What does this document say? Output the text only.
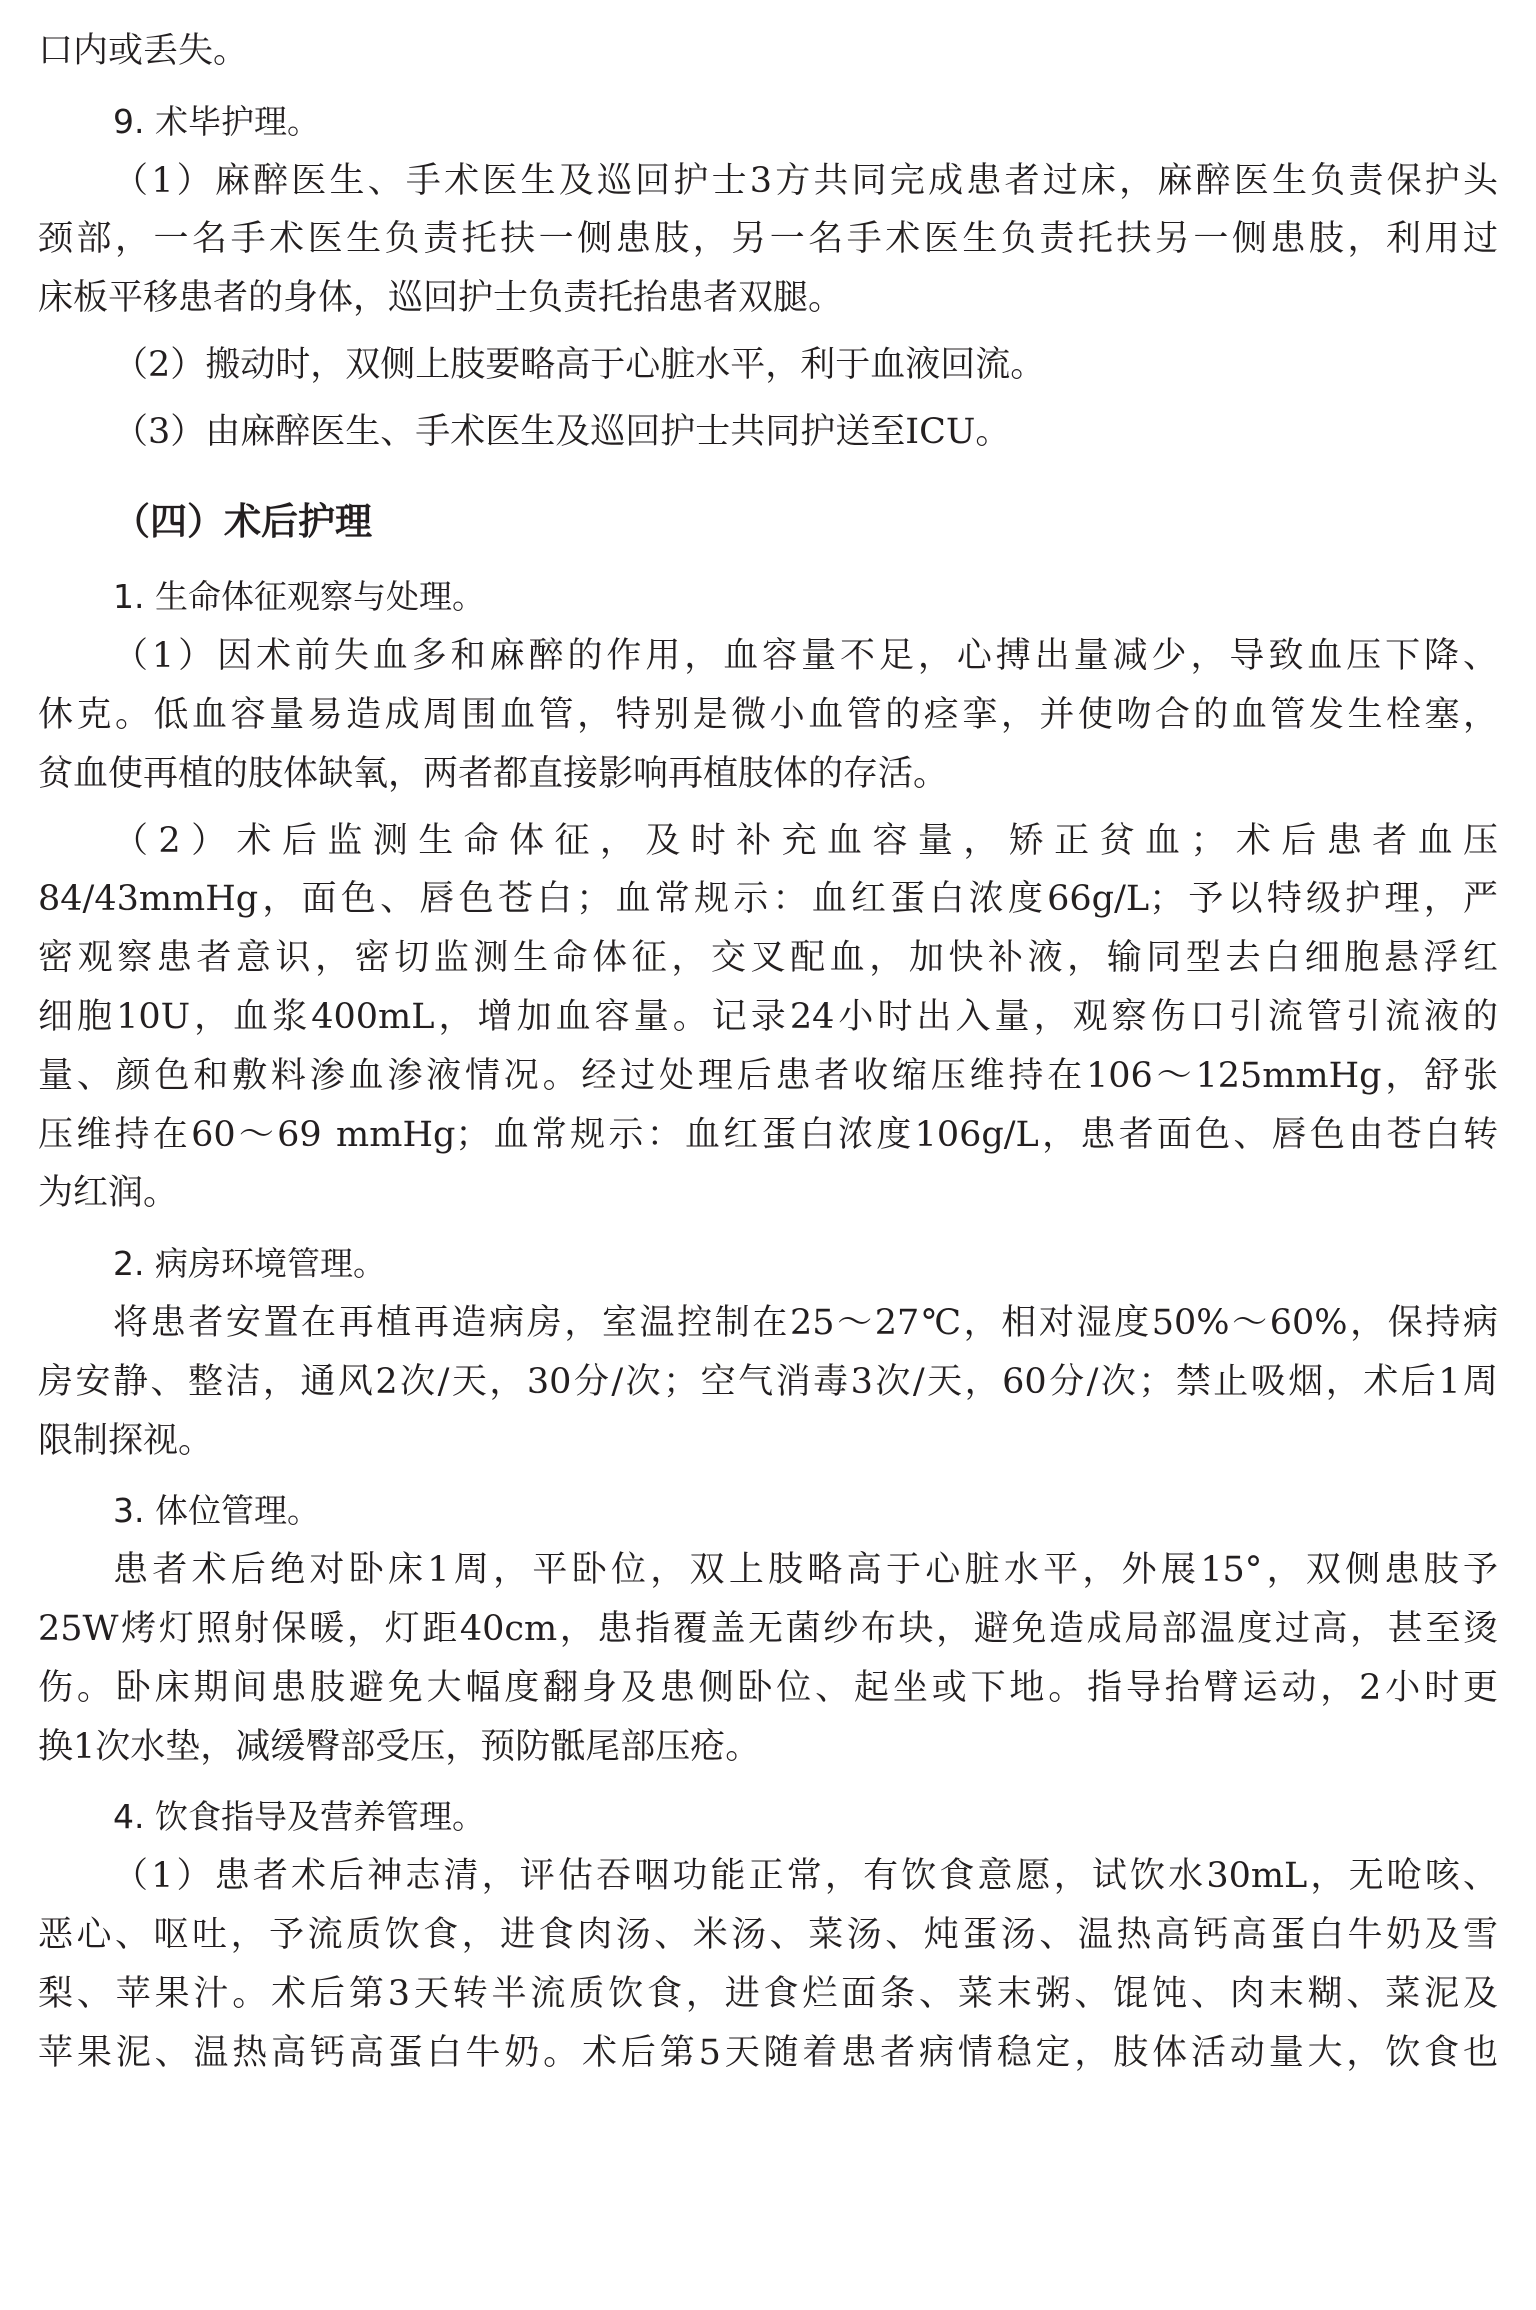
口内或丢失。

9. 术毕护理。

（1）麻醉医生、手术医生及巡回护士3方共同完成患者过床，麻醉医生负责保护头

颈部，一名手术医生负责托扶一侧患肢，另一名手术医生负责托扶另一侧患肢，利用过

床板平移患者的身体，巡回护士负责托抬患者双腿。

（2）搬动时，双侧上肢要略高于心脏水平，利于血液回流。

（3）由麻醉医生、手术医生及巡回护士共同护送至ICU。

（四）术后护理

1. 生命体征观察与处理。

（1）因术前失血多和麻醉的作用，血容量不足，心搏出量减少，导致血压下降、

休克。低血容量易造成周围血管，特别是微小血管的痉挛，并使吻合的血管发生栓塞，

贫血使再植的肢体缺氧，两者都直接影响再植肢体的存活。

（2）术后监测生命体征，及时补充血容量，矫正贫血；术后患者血压

84/43mmHg，面色、唇色苍白；血常规示：血红蛋白浓度66g/L；予以特级护理，严

密观察患者意识，密切监测生命体征，交叉配血，加快补液，输同型去白细胞悬浮红

细胞10U，血浆400mL，增加血容量。记录24小时出入量，观察伤口引流管引流液的

量、颜色和敷料渗血渗液情况。经过处理后患者收缩压维持在106～125mmHg，舒张

压维持在60～69 mmHg；血常规示：血红蛋白浓度106g/L，患者面色、唇色由苍白转

为红润。

2. 病房环境管理。

将患者安置在再植再造病房，室温控制在25～27℃，相对湿度50%～60%，保持病

房安静、整洁，通风2次/天，30分/次；空气消毒3次/天，60分/次；禁止吸烟，术后1周

限制探视。

3. 体位管理。

患者术后绝对卧床1周，平卧位，双上肢略高于心脏水平，外展15°，双侧患肢予

25W烤灯照射保暖，灯距40cm，患指覆盖无菌纱布块，避免造成局部温度过高，甚至烫

伤。卧床期间患肢避免大幅度翻身及患侧卧位、起坐或下地。指导抬臂运动，2小时更

换1次水垫，减缓臀部受压，预防骶尾部压疮。

4. 饮食指导及营养管理。

（1）患者术后神志清，评估吞咽功能正常，有饮食意愿，试饮水30mL，无呛咳、

恶心、呕吐，予流质饮食，进食肉汤、米汤、菜汤、炖蛋汤、温热高钙高蛋白牛奶及雪

梨、苹果汁。术后第3天转半流质饮食，进食烂面条、菜末粥、馄饨、肉末糊、菜泥及

苹果泥、温热高钙高蛋白牛奶。术后第5天随着患者病情稳定，肢体活动量大，饮食也
